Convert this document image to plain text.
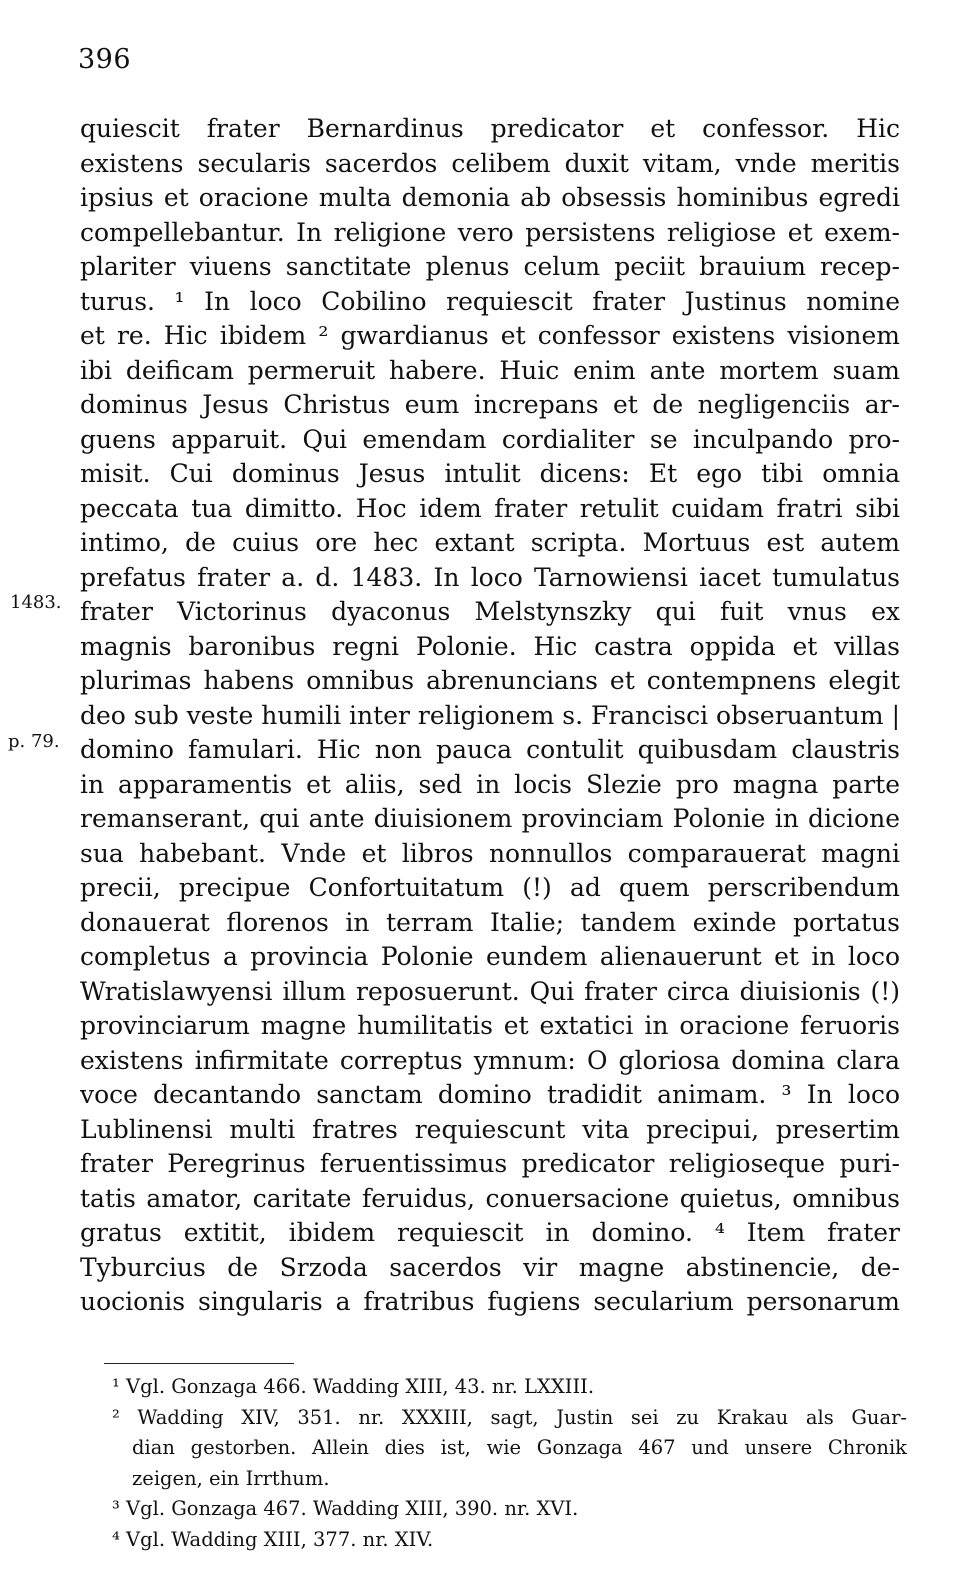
396
1483.
p. 79.
quiescit frater Bernardinus predicator et confessor. Hic
existens secularis sacerdos celibem duxit vitam, vnde meritis
ipsius et oracione multa demonia ab obsessis hominibus egredi
compellebantur. In religione vero persistens religiose et exem-
plariter viuens sanctitate plenus celum peciit brauium recep-
turus. ¹ In loco Cobilino requiescit frater Justinus nomine
et re. Hic ibidem ² gwardianus et confessor existens visionem
ibi deificam permeruit habere. Huic enim ante mortem suam
dominus Jesus Christus eum increpans et de negligenciis ar-
guens apparuit. Qui emendam cordialiter se inculpando pro-
misit. Cui dominus Jesus intulit dicens: Et ego tibi omnia
peccata tua dimitto. Hoc idem frater retulit cuidam fratri sibi
intimo, de cuius ore hec extant scripta. Mortuus est autem
prefatus frater a. d. 1483. In loco Tarnowiensi iacet tumulatus
frater Victorinus dyaconus Melstynszky qui fuit vnus ex
magnis baronibus regni Polonie. Hic castra oppida et villas
plurimas habens omnibus abrenuncians et contempnens elegit
deo sub veste humili inter religionem s. Francisci obseruantum |
domino famulari. Hic non pauca contulit quibusdam claustris
in apparamentis et aliis, sed in locis Slezie pro magna parte
remanserant, qui ante diuisionem provinciam Polonie in dicione
sua habebant. Vnde et libros nonnullos comparauerat magni
precii, precipue Confortuitatum (!) ad quem perscribendum
donauerat florenos in terram Italie; tandem exinde portatus
completus a provincia Polonie eundem alienauerunt et in loco
Wratislawyensi illum reposuerunt. Qui frater circa diuisionis (!)
provinciarum magne humilitatis et extatici in oracione feruoris
existens infirmitate correptus ymnum: O gloriosa domina clara
voce decantando sanctam domino tradidit animam. ³ In loco
Lublinensi multi fratres requiescunt vita precipui, presertim
frater Peregrinus feruentissimus predicator religioseque puri-
tatis amator, caritate feruidus, conuersacione quietus, omnibus
gratus extitit, ibidem requiescit in domino. ⁴ Item frater
Tyburcius de Srzoda sacerdos vir magne abstinencie, de-
uocionis singularis a fratribus fugiens secularium personarum
¹ Vgl. Gonzaga 466. Wadding XIII, 43. nr. LXXIII.
² Wadding XIV, 351. nr. XXXIII, sagt, Justin sei zu Krakau als Guar-
dian gestorben. Allein dies ist, wie Gonzaga 467 und unsere Chronik
zeigen, ein Irrthum.
³ Vgl. Gonzaga 467. Wadding XIII, 390. nr. XVI.
⁴ Vgl. Wadding XIII, 377. nr. XIV.
